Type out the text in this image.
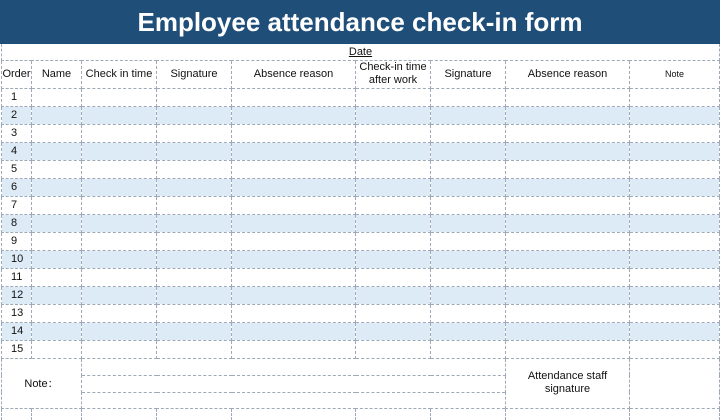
Employee attendance check-in form
Date								
Order	Name	Check in time	Signature	Absence reason	Check-in time after work	Signature	Absence reason	Note
1								
2								
3								
4								
5								
6								
7								
8								
9								
10								
11								
12								
13								
14								
15								
Note：							Attendance staff signature	
